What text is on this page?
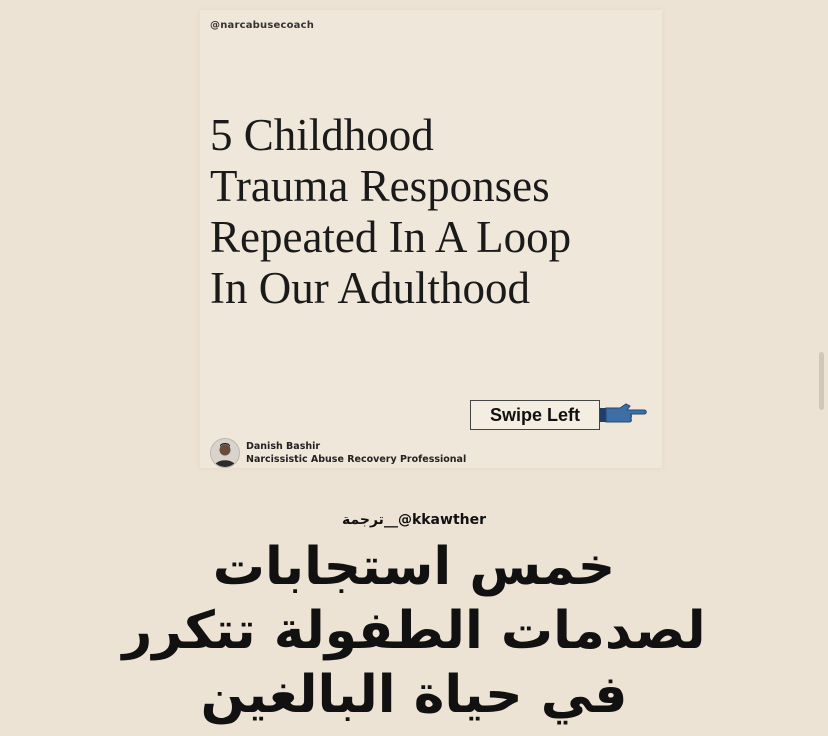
@narcabusecoach
5 Childhood
Trauma Responses
Repeated In A Loop
In Our Adulthood
Swipe Left
Danish Bashir
Narcissistic Abuse Recovery Professional
ترجمة__@kkawther
خمس استجابات
لصدمات الطفولة تتكرر
في حياة البالغين
